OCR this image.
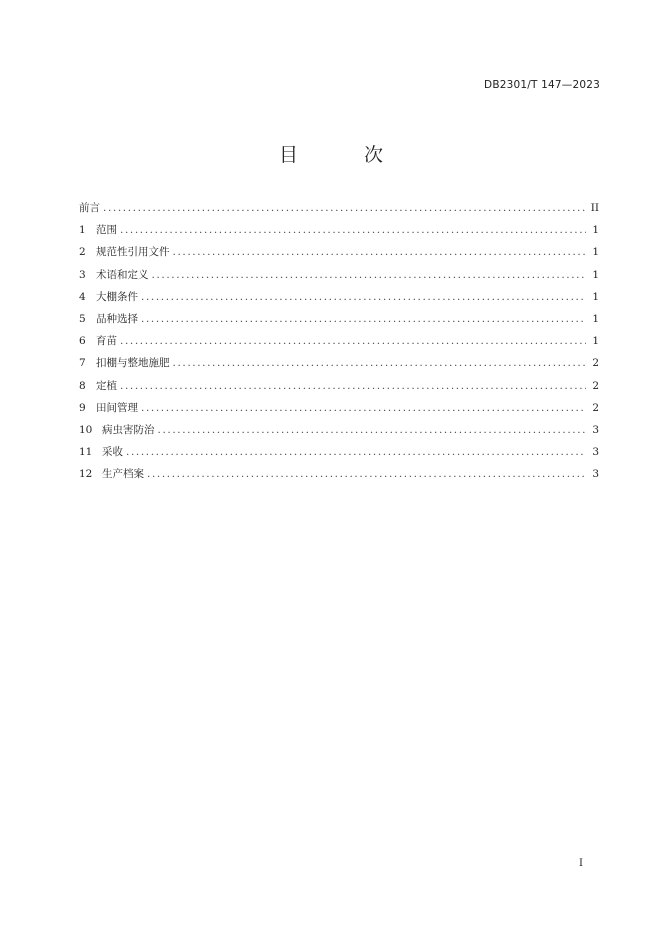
DB2301/T 147—2023
目 次
前言 .....	II
1 范围 .....	1
2 规范性引用文件 .....	1
3 术语和定义 .....	1
4 大棚条件 .....	1
5 品种选择 .....	1
6 育苗 .....	1
7 扣棚与整地施肥 .....	2
8 定植 .....	2
9 田间管理 .....	2
10 病虫害防治 .....	3
11 采收 .....	3
12 生产档案 .....	3
I
